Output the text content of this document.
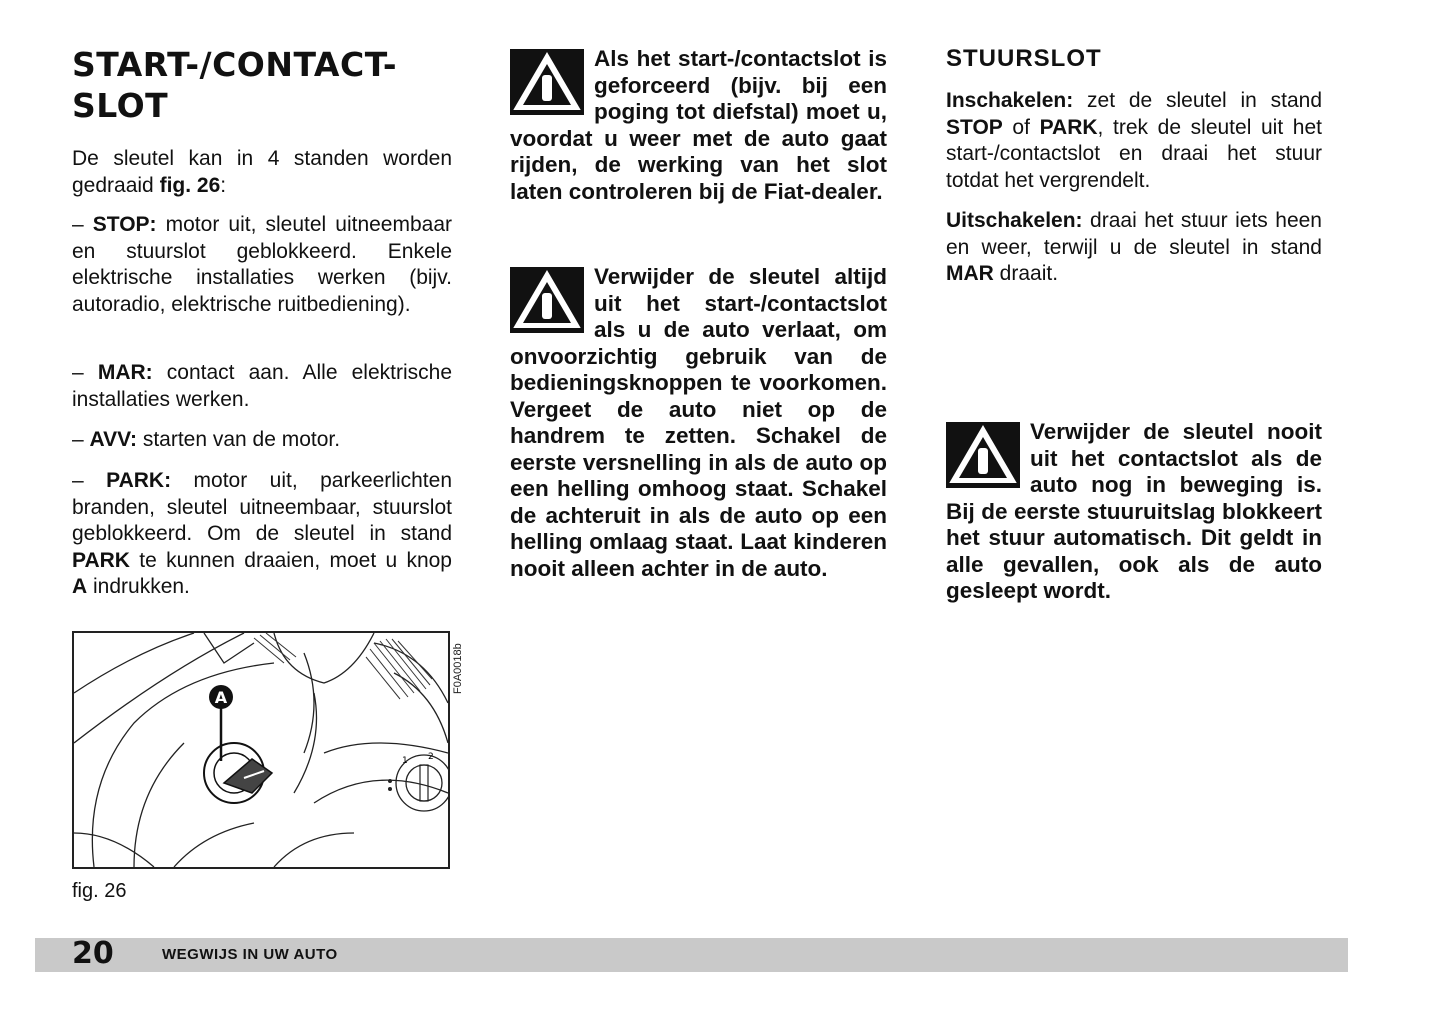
START-/CONTACT-
SLOT

De sleutel kan in 4 standen worden gedraaid fig. 26:

– STOP: motor uit, sleutel uitneembaar en stuurslot geblokkeerd. Enkele elektrische installaties werken (bijv. autoradio, elektrische ruitbediening).

– MAR: contact aan. Alle elektrische installaties werken.

– AVV: starten van de motor.

– PARK: motor uit, parkeerlichten branden, sleutel uitneembaar, stuurslot geblokkeerd. Om de sleutel in stand PARK te kunnen draaien, moet u knop A indrukken.

A
1 2
F0A0018b
fig. 26
Als het start-/contactslot is geforceerd (bijv. bij een poging tot diefstal) moet u, voordat u weer met de auto gaat rijden, de werking van het slot laten controleren bij de Fiat-dealer.
Verwijder de sleutel altijd uit het start-/contactslot als u de auto verlaat, om onvoorzichtig gebruik van de bedieningsknoppen te voorkomen. Vergeet de auto niet op de handrem te zetten. Schakel de eerste versnelling in als de auto op een helling omhoog staat. Schakel de achteruit in als de auto op een helling omlaag staat. Laat kinderen nooit alleen achter in de auto.
STUURSLOT

Inschakelen: zet de sleutel in stand STOP of PARK, trek de sleutel uit het start-/contactslot en draai het stuur totdat het vergrendelt.

Uitschakelen: draai het stuur iets heen en weer, terwijl u de sleutel in stand MAR draait.

Verwijder de sleutel nooit uit het contactslot als de auto nog in beweging is. Bij de eerste stuuruitslag blokkeert het stuur automatisch. Dit geldt in alle gevallen, ook als de auto gesleept wordt.
20	WEGWIJS IN UW AUTO
